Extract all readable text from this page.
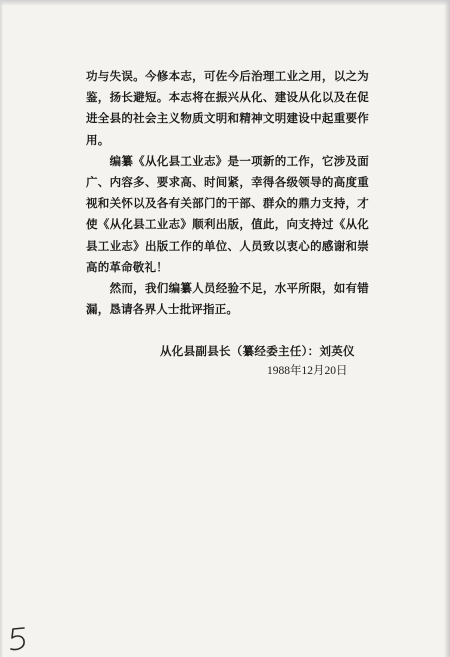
功与失误。今修本志，可佐今后治理工业之用，以之为鉴，扬长避短。本志将在振兴从化、建设从化以及在促进全县的社会主义物质文明和精神文明建设中起重要作用。

　　编纂《从化县工业志》是一项新的工作，它涉及面广、内容多、要求高、时间紧，幸得各级领导的高度重视和关怀以及各有关部门的干部、群众的鼎力支持，才使《从化县工业志》顺利出版，值此，向支持过《从化县工业志》出版工作的单位、人员致以衷心的感谢和崇高的革命敬礼！

　　然而，我们编纂人员经验不足，水平所限，如有错漏，恳请各界人士批评指正。

从化县副县长（纂经委主任）：刘英仪
1988年12月20日
